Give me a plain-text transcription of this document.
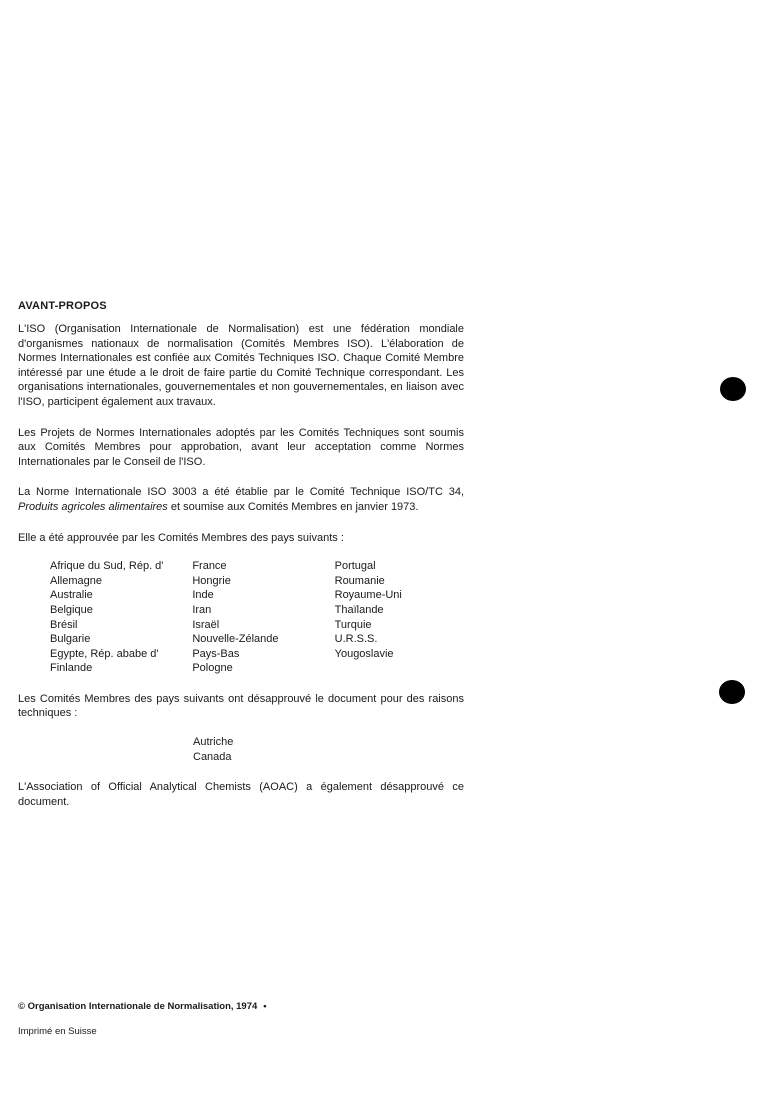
AVANT-PROPOS

L'ISO (Organisation Internationale de Normalisation) est une fédération mondiale d'organismes nationaux de normalisation (Comités Membres ISO). L'élaboration de Normes Internationales est confiée aux Comités Techniques ISO. Chaque Comité Membre intéressé par une étude a le droit de faire partie du Comité Technique correspondant. Les organisations internationales, gouvernementales et non gouvernementales, en liaison avec l'ISO, participent également aux travaux.

Les Projets de Normes Internationales adoptés par les Comités Techniques sont soumis aux Comités Membres pour approbation, avant leur acceptation comme Normes Internationales par le Conseil de l'ISO.

La Norme Internationale ISO 3003 a été établie par le Comité Technique ISO/TC 34, Produits agricoles alimentaires et soumise aux Comités Membres en janvier 1973.

Elle a été approuvée par les Comités Membres des pays suivants :

Afrique du Sud, Rép. d'
Allemagne
Australie
Belgique
Brésil
Bulgarie
Egypte, Rép. ababe d'
Finlande
France
Hongrie
Inde
Iran
Israël
Nouvelle-Zélande
Pays-Bas
Pologne
Portugal
Roumanie
Royaume-Uni
Thaïlande
Turquie
U.R.S.S.
Yougoslavie

Les Comités Membres des pays suivants ont désapprouvé le document pour des raisons techniques :

Autriche
Canada

L'Association of Official Analytical Chemists (AOAC) a également désapprouvé ce document.

© Organisation Internationale de Normalisation, 1974 •
Imprimé en Suisse
